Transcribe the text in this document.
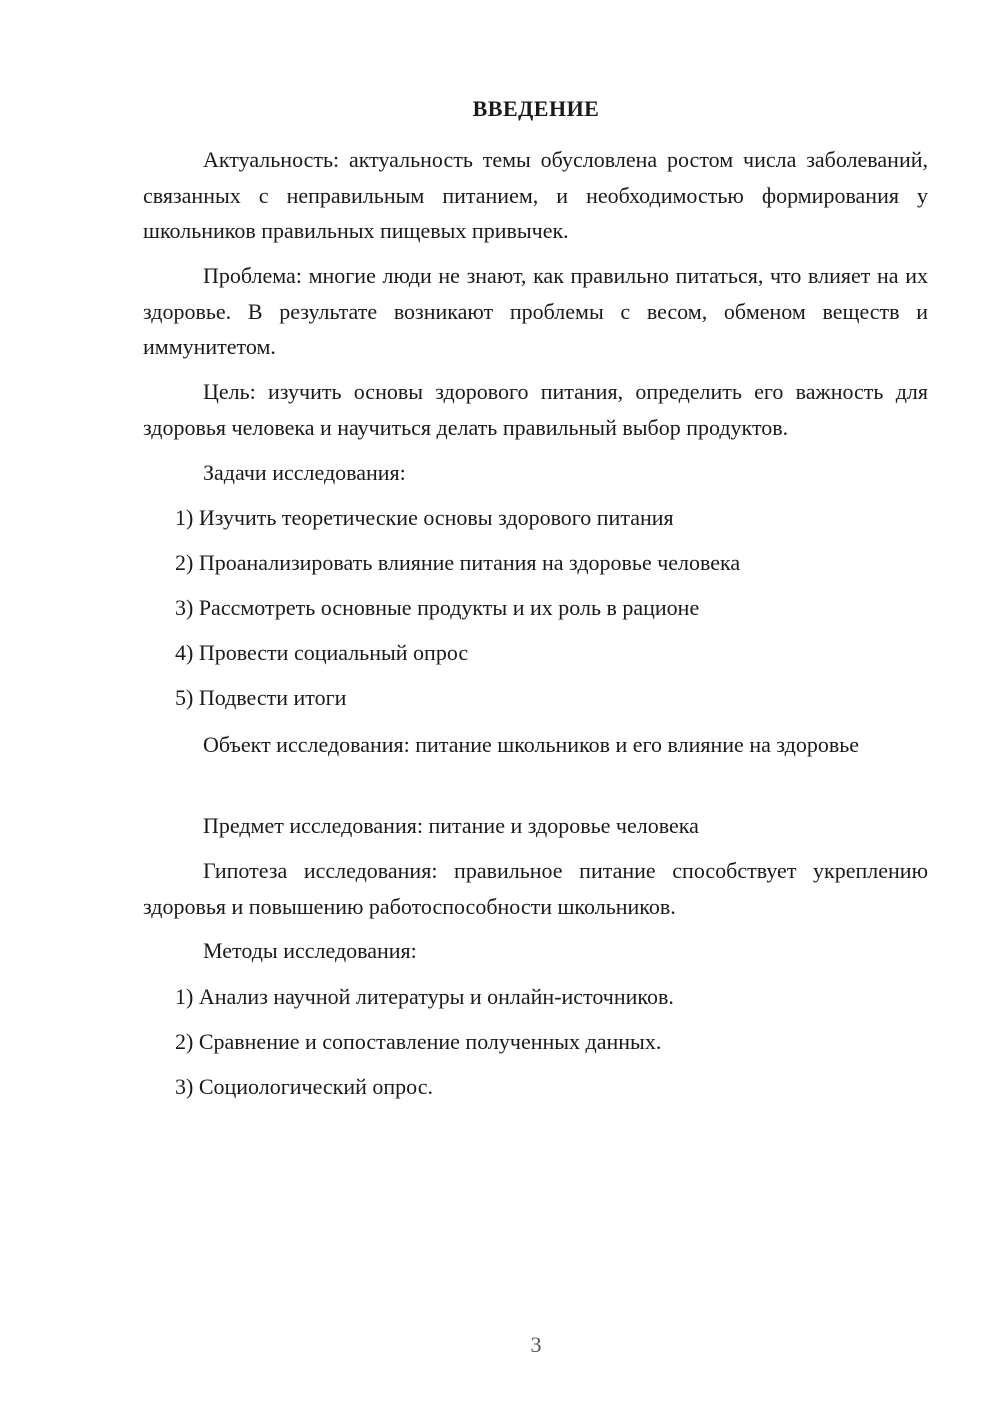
ВВЕДЕНИЕ

Актуальность: актуальность темы обусловлена ростом числа заболеваний, связанных с неправильным питанием, и необходимостью формирования у школьников правильных пищевых привычек.

Проблема: многие люди не знают, как правильно питаться, что влияет на их здоровье. В результате возникают проблемы с весом, обменом веществ и иммунитетом.

Цель: изучить основы здорового питания, определить его важность для здоровья человека и научиться делать правильный выбор продуктов.

Задачи исследования:

1) Изучить теоретические основы здорового питания

2) Проанализировать влияние питания на здоровье человека

3) Рассмотреть основные продукты и их роль в рационе

4) Провести социальный опрос

5) Подвести итоги

Объект исследования: питание школьников и его влияние на здоровье

Предмет исследования: питание и здоровье человека

Гипотеза исследования: правильное питание способствует укреплению здоровья и повышению работоспособности школьников.

Методы исследования:

1) Анализ научной литературы и онлайн-источников.

2) Сравнение и сопоставление полученных данных.

3) Социологический опрос.

3
